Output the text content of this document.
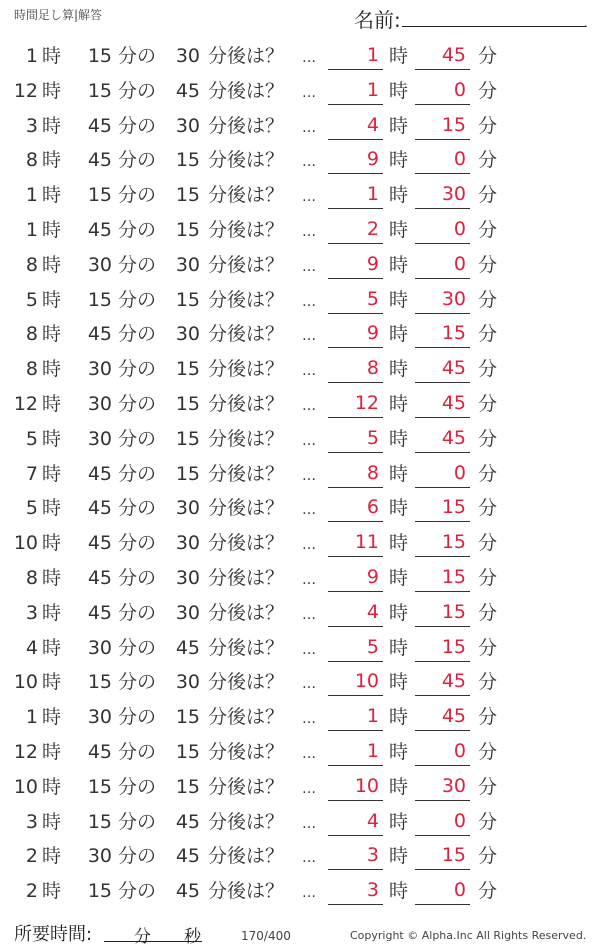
時間足し算|解答	名前:	.
1 時	15 分の	30 分後は？ …	1 時 45 分
12 時	15 分の	45 分後は？ …	1 時 0 分
3 時	45 分の	30 分後は？ …	4 時 15 分
8 時	45 分の	15 分後は？ …	9 時 0 分
1 時	15 分の	15 分後は？ …	1 時 30 分
1 時	45 分の	15 分後は？ …	2 時 0 分
8 時	30 分の	30 分後は？ …	9 時 0 分
5 時	15 分の	15 分後は？ …	5 時 30 分
8 時	45 分の	30 分後は？ …	9 時 15 分
8 時	30 分の	15 分後は？ …	8 時 45 分
12 時	30 分の	15 分後は？ … 12 時 45 分
5 時	30 分の	15 分後は？ …	5 時 45 分
7 時	45 分の	15 分後は？ …	8 時 0 分
5 時	45 分の	30 分後は？ …	6 時 15 分
10 時	45 分の	30 分後は？ … 11 時 15 分
8 時	45 分の	30 分後は？ …	9 時 15 分
3 時	45 分の	30 分後は？ …	4 時 15 分
4 時	30 分の	45 分後は？ …	5 時 15 分
10 時	15 分の	30 分後は？ … 10 時 45 分
1 時	30 分の	15 分後は？ …	1 時 45 分
12 時	45 分の	15 分後は？ …	1 時 0 分
10 時	15 分の	15 分後は？ … 10 時 30 分
3 時	15 分の	45 分後は？ …	4 時 0 分
2 時	30 分の	45 分後は？ …	3 時 15 分
2 時	15 分の	45 分後は？ …	3 時 0 分
所要時間: 分 秒	170/400	Copyright © Alpha.Inc All Rights Reserved.
